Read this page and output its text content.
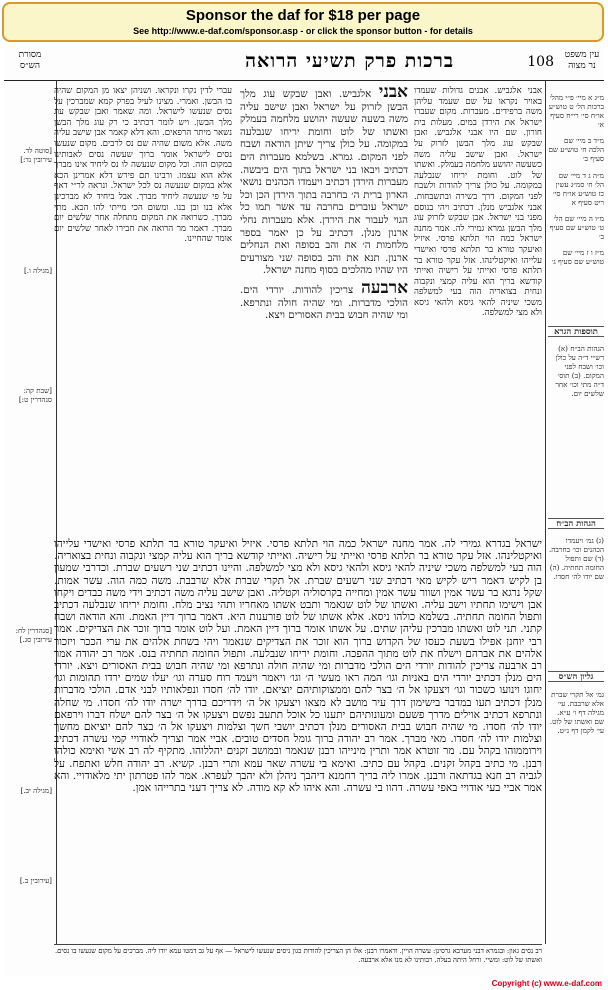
Sponsor the daf for $18 per page
See http://www.e-daf.com/sponsor.asp - or click the sponsor button - for details
108
ברכות פרק תשיעי הרואה	עין משפט נר מצוה
מסורת הש״ס

אבני אלגביש. אבנים גדולות שעמדו באויר נקראו על שם שעמד עליהן משה ברפידים. מעברות. מקום שעברו ישראל את הירדן במים. מעלות בית חורון. שם היו אבני אלגביש. ואבן שבקש עוג מלך הבשן לזרוק על ישראל. ואבן שישב עליה משה כשעשה יהושע מלחמה בעמלק. ואשתו של לוט. וחומת יריחו שנבלעה במקומה. על כולן צריך להודות ולשבח לפני המקום. דרך בשירה ובתשבחות. אבני אלגביש מנלן. דכתיב ויהי בנוסם מפני בני ישראל. אבן שבקש לזרוק עוג מלך הבשן גמרא גמירי לה. אמר מחנה ישראל כמה הוי תלתא פרסי. איזיל ואיעקר טורא בר תלתא פרסי ואישדי עלייהו ואיקטלינהו. אזל עקר טורא בר תלתא פרסי ואייתי על רישיה ואייתי קודשא בריך הוא עליה קמצי ונקבוה ונחית בצואריה הוה בעי למשלפה משכי שיניה להאי גיסא ולהאי גיסא ולא מצי למשלפה.

אבני אלגביש. ואבן שבקש עוג מלך הבשן לזרוק על ישראל ואבן שישב עליה משה בשעה שעשה יהושע מלחמה בעמלק ואשתו של לוט וחומת יריחו שנבלעה במקומה. על כולן צריך שיתן הודאה ושבח לפני המקום. גמרא. בשלמא מעברות הים דכתיב ויבאו בני ישראל בתוך הים ביבשה. מעברות הירדן דכתיב ויעמדו הכהנים נושאי הארון ברית ה׳ בחרבה בתוך הירדן הכן וכל ישראל עוברים בחרבה עד אשר תמו כל הגוי לעבור את הירדן. אלא מעברות נחלי ארנון מנלן. דכתיב על כן יאמר בספר מלחמות ה׳ את והב בסופה ואת הנחלים ארנון. תנא את והב בסופה שני מצורעים היו שהיו מהלכים בסוף מחנה ישראל.

ארבעה צריכין להודות. יורדי הים. הולכי מדברות. ומי שהיה חולה ונתרפא. ומי שהיה חבוש בבית האסורים ויצא.

עברי לדין נקרו ונקראו. ושניהן יצאו מן המקום שהיה בו הבשן. ואמרי. מצינו לעיל בפרק קמא שמברכין על נסים שנעשו לישראל. ומה שאמר ואבן שבקש עוג מלך הבשן. ויש לומר דכתיב כי רק עוג מלך הבשן נשאר מיתר הרפאים. והא דלא קאמר אבן שישב עליה משה. אלא משום שהיה שם נס לרבים. מקום שנעשו נסים לישראל אומר ברוך שעשה נסים לאבותינו במקום הזה. וכל מקום שנעשה לו נס ליחיד אינו מברך אלא הוא עצמו. ורבינו תם פירש דלא אמרינן הכא אלא במקום שנעשה נס לכל ישראל. ונראה לר״י דאף על פי שנעשה ליחיד מברך. אבל ביחיד לא מברכינן אלא בנו ובן בנו. ומשום הכי מייתי להו הכא. מתי מברך. כשרואה את המקום מתחלה אחר שלשים יום מברך. דאמר מר הרואה את חבירו לאחר שלשים יום אומר שהחיינו.

ישראל בגדרא גמירי לה. אמר מחנה ישראל כמה הוי תלתא פרסי. איזיל ואיעקר טורא בר תלתא פרסי ואישדי עלייהו ואיקטלינהו. אזל עקר טורא בר תלתא פרסי ואייתי על רישיה. ואייתי קודשא בריך הוא עליה קמצי ונקבוה ונחית בצואריה. הוה בעי למשלפה משכי שיניה להאי גיסא ולהאי גיסא ולא מצי למשלפה. והיינו דכתיב שני רשעים שברת. וכדרבי שמעון בן לקיש דאמר ריש לקיש מאי דכתיב שני רשעים שברת. אל תקרי שברת אלא שרבבת. משה כמה הוה. עשר אמות. שקל נרגא בר עשר אמין ושוור עשר אמין ומחייה בקרסוליה וקטליה. ואבן שישב עליה משה דכתיב וידי משה כבדים ויקחו אבן וישימו תחתיו וישב עליה. ואשתו של לוט שנאמר ותבט אשתו מאחריו ותהי נציב מלח. וחומת יריחו שנבלעה דכתיב ותפול החומה תחתיה. בשלמא כולהו ניסא. אלא אשתו של לוט פורענות היא. דאמר ברוך דיין האמת. והא הודאה ושבח קתני. תני לוט ואשתו מברכין עליהן שתים. על אשתו אומר ברוך דיין האמת. ועל לוט אומר ברוך זוכר את הצדיקים. אמר רבי יוחנן אפילו בשעת כעסו של הקדוש ברוך הוא זוכר את הצדיקים שנאמר ויהי בשחת אלהים את ערי הככר ויזכור אלהים את אברהם וישלח את לוט מתוך ההפכה. וחומת יריחו שנבלעה. ותפול החומה תחתיה בנס. אמר רב יהודה אמר רב ארבעה צריכין להודות יורדי הים הולכי מדברות ומי שהיה חולה ונתרפא ומי שהיה חבוש בבית האסורים ויצא. יורדי הים מנלן דכתיב יורדי הים באניות וגו׳ המה ראו מעשי ה׳ וגו׳ ויאמר ויעמד רוח סערה וגו׳ יעלו שמים ירדו תהומות וגו׳ יחוגו וינועו כשכור וגו׳ ויצעקו אל ה׳ בצר להם וממצוקותיהם יוציאם. יודו לה׳ חסדו ונפלאותיו לבני אדם. הולכי מדברות מנלן דכתיב תעו במדבר בישימון דרך עיר מושב לא מצאו ויצעקו אל ה׳ וידריכם בדרך ישרה יודו לה׳ חסדו. מי שחלה ונתרפא דכתיב אוילים מדרך פשעם ומעונותיהם יתענו כל אוכל תתעב נפשם ויצעקו אל ה׳ בצר להם ישלח דברו וירפאם יודו לה׳ חסדו. מי שהיה חבוש בבית האסורים מנלן דכתיב יושבי חשך וצלמות ויצעקו אל ה׳ בצר להם יוציאם מחשך וצלמות יודו לה׳ חסדו. מאי מברך. אמר רב יהודה ברוך גומל חסדים טובים. אביי אמר וצריך לאודויי קמי עשרה דכתיב וירוממוהו בקהל עם. מר זוטרא אמר ותרין מינייהו רבנן שנאמר ובמושב זקנים יהללוהו. מתקיף לה רב אשי ואימא כולהו רבנן. מי כתיב בקהל זקנים. בקהל עם כתיב. ואימא בי עשרה שאר עמא ותרי רבנן. קשיא. רב יהודה חלש ואתפח. על לגביה רב חנא בגדתאה ורבנן. אמרו ליה בריך רחמנא דיהבך ניהלן ולא יהבך לעפרא. אמר להו פטרתון יתי מלאודויי. והא אמר אביי בעי אודויי באפי עשרה. דהוו בי עשרה. והא איהו לא קא מודה. לא צריך דעני בתרייהו אמן.

מ״ג א מיי׳ פ״י מהל׳ ברכות הל׳ ט טוש״ע או״ח סי׳ רי״ח סעיף א׳

מ״ד ב מיי׳ שם הלכה ח׳ טוש״ע שם סעיף ב׳

מ״ה ג ד מיי׳ שם הל׳ ח׳ סמ״ג עשין כז טוש״ע או״ח סי׳ ריט סעיף א

מ״ו ה מיי׳ שם הל׳ ט׳ טוש״ע שם סעיף ב׳

מ״ז ו ז מיי׳ שם טוש״ע שם סעיף ג׳

תוספות הגרא

הגהות הב״ח (א) רש״י ד״ה על כולן וכו׳ ושבח לפני המקום. (ב) תוס׳ ד״ה מתי וכו׳ אחר שלשים יום.

הגהות הב״ח

(ג) גמ׳ ויעמדו הכהנים וכו׳ בחרבה. (ד) שם ותפול החומה תחתיה. (ה) שם יודו לה׳ חסדו.

גליון הש״ס

גמ׳ אל תקרי שברת אלא שרבבת. עי׳ מגילה דף ו׳ ע״א. שם ואשתו של לוט. עי׳ לקמן דף נ״ט.

[סוטה לד. עירובין נד:]
[מגילה ו.]
[שבת קה: סנהדרין ט:]
[סנהדרין לח: עירובין סג.]
[מגילה יב.]
[עירובין ב.]

רב נסים גאון: ובגמרא דבני מערבא גרסינן: עשרה הויין. ודאמרו רבנן: אלו הן הצריכין להודות כגון ניסים שנעשו לישראל — אף על גב דמטו עמא יודו ליה. מברכים על מקום שנעשו בו נסים. ואשתו של לוט: ומשיי. ורחל היתה בעלה. רבותינו לא מנו אלא ארבעה.

Copyright (c) www.e-daf.com
